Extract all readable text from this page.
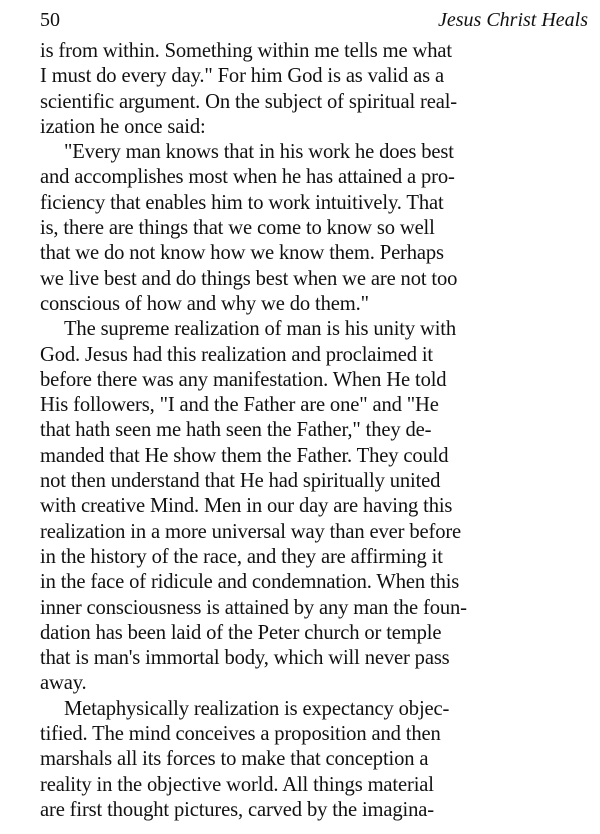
50	Jesus Christ Heals
is from within. Something within me tells me what
I must do every day." For him God is as valid as a
scientific argument. On the subject of spiritual real-
ization he once said:
"Every man knows that in his work he does best
and accomplishes most when he has attained a pro-
ficiency that enables him to work intuitively. That
is, there are things that we come to know so well
that we do not know how we know them. Perhaps
we live best and do things best when we are not too
conscious of how and why we do them."
The supreme realization of man is his unity with
God. Jesus had this realization and proclaimed it
before there was any manifestation. When He told
His followers, "I and the Father are one" and "He
that hath seen me hath seen the Father," they de-
manded that He show them the Father. They could
not then understand that He had spiritually united
with creative Mind. Men in our day are having this
realization in a more universal way than ever before
in the history of the race, and they are affirming it
in the face of ridicule and condemnation. When this
inner consciousness is attained by any man the foun-
dation has been laid of the Peter church or temple
that is man's immortal body, which will never pass
away.
Metaphysically realization is expectancy objec-
tified. The mind conceives a proposition and then
marshals all its forces to make that conception a
reality in the objective world. All things material
are first thought pictures, carved by the imagina-
